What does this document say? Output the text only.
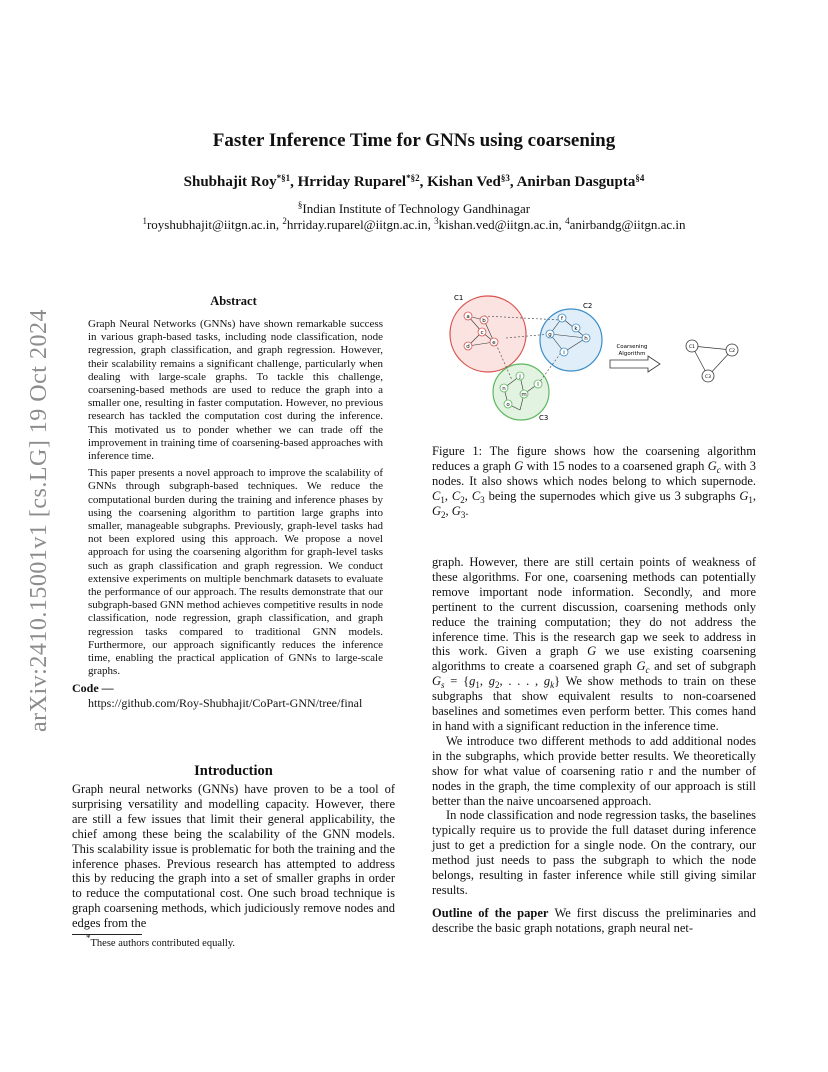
arXiv:2410.15001v1 [cs.LG] 19 Oct 2024
Faster Inference Time for GNNs using coarsening

Shubhajit Roy$^{*\S 1}$, Hrriday Ruparel$^{*\S 2}$, Kishan Ved$^{\S 3}$, Anirban Dasgupta$^{\S 4}$

§Indian Institute of Technology Gandhinagar
$^1$royshubhajit@iitgn.ac.in, $^2$hrriday.ruparel@iitgn.ac.in, $^3$kishan.ved@iitgn.ac.in, $^4$anirbandg@iitgn.ac.in
Abstract

Graph Neural Networks (GNNs) have shown remarkable success in various graph-based tasks, including node classification, node regression, graph classification, and graph regression. However, their scalability remains a significant challenge, particularly when dealing with large-scale graphs. To tackle this challenge, coarsening-based methods are used to reduce the graph into a smaller one, resulting in faster computation. However, no previous research has tackled the computation cost during the inference. This motivated us to ponder whether we can trade off the improvement in training time of coarsening-based approaches with inference time.

This paper presents a novel approach to improve the scalability of GNNs through subgraph-based techniques. We reduce the computational burden during the training and inference phases by using the coarsening algorithm to partition large graphs into smaller, manageable subgraphs. Previously, graph-level tasks had not been explored using this approach. We propose a novel approach for using the coarsening algorithm for graph-level tasks such as graph classification and graph regression. We conduct extensive experiments on multiple benchmark datasets to evaluate the performance of our approach. The results demonstrate that our subgraph-based GNN method achieves competitive results in node classification, node regression, graph classification, and graph regression tasks compared to traditional GNN models. Furthermore, our approach significantly reduces the inference time, enabling the practical application of GNNs to large-scale graphs.

Code —
https://github.com/Roy-Shubhajit/CoPart-GNN/tree/final
Introduction

Graph neural networks (GNNs) have proven to be a tool of surprising versatility and modelling capacity. However, there are still a few issues that limit their general applicability, the chief among these being the scalability of the GNN models. This scalability issue is problematic for both the training and the inference phases. Previous research has attempted to address this by reducing the graph into a set of smaller graphs in order to reduce the computational cost. One such broad technique is graph coarsening methods, which judiciously remove nodes and edges from the

*These authors contributed equally.

C1
C2
C3
a
b
c
d
e
f
g
h
i
k
j
l
m
n
o
Coarsening
Algorithm
C1
C2
C3

Figure 1: The figure shows how the coarsening algorithm reduces a graph G with 15 nodes to a coarsened graph $G_c$ with 3 nodes. It also shows which nodes belong to which supernode. $C_1$, $C_2$, $C_3$ being the supernodes which give us 3 subgraphs $G_1$, $G_2$, $G_3$.

graph. However, there are still certain points of weakness of these algorithms. For one, coarsening methods can potentially remove important node information. Secondly, and more pertinent to the current discussion, coarsening methods only reduce the training computation; they do not address the inference time. This is the research gap we seek to address in this work. Given a graph G we use existing coarsening algorithms to create a coarsened graph $G_c$ and set of subgraph $G_s = \{g_1$, $g_2$, . . . , $g_k$} We show methods to train on these subgraphs that show equivalent results to non-coarsened baselines and sometimes even perform better. This comes hand in hand with a significant reduction in the inference time.

We introduce two different methods to add additional nodes in the subgraphs, which provide better results. We theoretically show for what value of coarsening ratio r and the number of nodes in the graph, the time complexity of our approach is still better than the naive uncoarsened approach.

In node classification and node regression tasks, the baselines typically require us to provide the full dataset during inference just to get a prediction for a single node. On the contrary, our method just needs to pass the subgraph to which the node belongs, resulting in faster inference while still giving similar results.

Outline of the paper We first discuss the preliminaries and describe the basic graph notations, graph neural net-
